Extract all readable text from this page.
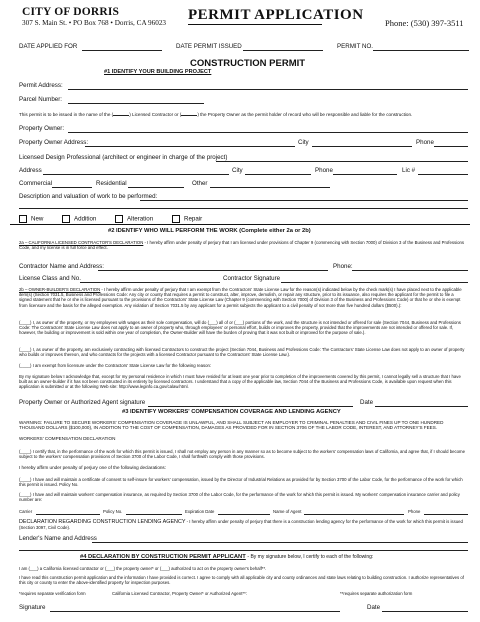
CITY OF DORRIS
307 S. Main St. • PO Box 768 • Dorris, CA 96023 PERMIT APPLICATION	Phone: (530) 397-3511
DATE APPLIED FOR	DATE PERMIT ISSUED	PERMIT NO.
CONSTRUCTION PERMIT
#1 IDENTIFY YOUR BUILDING PROJECT
Permit Address:
Parcel Number:
This permit is to be issued in the name of the (	) Licensed Contractor or (	) the Property Owner as the permit holder of record who will be responsible and liable for the construction.
Property Owner:
Property Owner Address:	City	Phone
Licensed Design Professional (architect or engineer in charge of the project)
Address	City	Phone	Lic #
Commercial	Residential	Other
Description and valuation of work to be performed:
New	Addition	Alteration	Repair
#2 IDENTIFY WHO WILL PERFORM THE WORK (Complete either 2a or 2b)
2a – CALIFORNIA LICENSED CONTRACTOR'S DECLARATION - I hereby affirm under penalty of perjury that I am licensed under provisions of Chapter 9 (commencing with Section 7000) of Division 3 of the Business and Professions Code, and my license is in full force and effect.
Contractor Name and Address:	Phone:
License Class and No.	Contractor Signature
2b – OWNER-BUILDER'S DECLARATION - I hereby affirm under penalty of perjury that I am exempt from the Contractors' State License Law for the reason(s) indicated below by the check mark(s) I have placed next to the applicable item(s) (Section 7031.5, Business and Professions Code: Any city or county that requires a permit to construct, alter, improve, demolish, or repair any structure, prior to its issuance, also requires the applicant for the permit to file a signed statement that he or she is licensed pursuant to the provisions of the Contractors' State License Law (Chapter 9 (commencing with Section 7000) of Division 3 of the Business and Professions Code) or that he or she is exempt from licensure and the basis for the alleged exemption. Any violation of Section 7031.5 by any applicant for a permit subjects the applicant to a civil penalty of not more than five hundred dollars ($500).):
(____) I, as owner of the property, or my employees with wages as their sole compensation, will do (___) all of or (___) portions of the work, and the structure is not intended or offered for sale (Section 7044, Business and Professions Code: The Contractors' State License Law does not apply to an owner of property who, through employees' or personal effort, builds or improves the property, provided that the improvements are not intended or offered for sale. If, however, the building or improvement is sold within one year of completion, the Owner-Builder will have the burden of proving that it was not built or improved for the purpose of sale.).
(____) I, as owner of the property, am exclusively contracting with licensed Contractors to construct the project (Section 7044, Business and Professions Code: The Contractors' State License Law does not apply to an owner of property who builds or improves thereon, and who contracts for the projects with a licensed Contractor pursuant to the Contractors' State License Law.).
(____) I am exempt from licensure under the Contractors' State License Law for the following reason:
By my signature below I acknowledge that, except for my personal residence in which I must have resided for at least one year prior to completion of the improvements covered by this permit, I cannot legally sell a structure that I have built as an owner-builder if it has not been constructed in its entirety by licensed contractors. I understand that a copy of the applicable law, Section 7044 of the Business and Professions Code, is available upon request when this application is submitted or at the following Web site: http://www.leginfo.ca.gov/calaw.html.
Property Owner or Authorized Agent signature	Date
#3 IDENTIFY WORKERS' COMPENSATION COVERAGE AND LENDING AGENCY
WARNING: FAILURE TO SECURE WORKERS' COMPENSATION COVERAGE IS UNLAWFUL, AND SHALL SUBJECT AN EMPLOYER TO CRIMINAL PENALTIES AND CIVIL FINES UP TO ONE HUNDRED THOUSAND DOLLARS ($100,000), IN ADDITION TO THE COST OF COMPENSATION, DAMAGES AS PROVIDED FOR IN SECTION 3706 OF THE LABOR CODE, INTEREST, AND ATTORNEY'S FEES.
WORKERS' COMPENSATION DECLARATION
(____) I certify that, in the performance of the work for which this permit is issued, I shall not employ any person in any manner so as to become subject to the workers' compensation laws of California, and agree that, if I should become subject to the workers' compensation provisions of Section 3700 of the Labor Code, I shall forthwith comply with those provisions.
I hereby affirm under penalty of perjury one of the following declarations:
(____) I have and will maintain a certificate of consent to self-insure for workers' compensation, issued by the Director of Industrial Relations as provided for by Section 3700 of the Labor Code, for the performance of the work for which this permit is issued. Policy No.
(____) I have and will maintain workers' compensation insurance, as required by Section 3700 of the Labor Code, for the performance of the work for which this permit is issued. My workers' compensation insurance carrier and policy number are:
Carrier	Policy No.	Expiration Date	Name of Agent	Phone
DECLARATION REGARDING CONSTRUCTION LENDING AGENCY - I hereby affirm under penalty of perjury that there is a construction lending agency for the performance of the work for which this permit is issued (Section 3097, Civil Code).
Lender's Name and Address
#4 DECLARATION BY CONSTRUCTION PERMIT APPLICANT - By my signature below, I certify to each of the following:
I am (___) a California licensed contractor or (___) the property owner* or (___) authorized to act on the property owner's behalf**.
I have read this construction permit application and the information I have provided is correct. I agree to comply with all applicable city and county ordinances and state laws relating to building construction. I authorize representatives of this city or county to enter the above-identified property for inspection purposes.
*requires separate verification form	California Licensed Contractor, Property Owner* or Authorized Agent**:	**requires separate authorization form
Signature	Date
